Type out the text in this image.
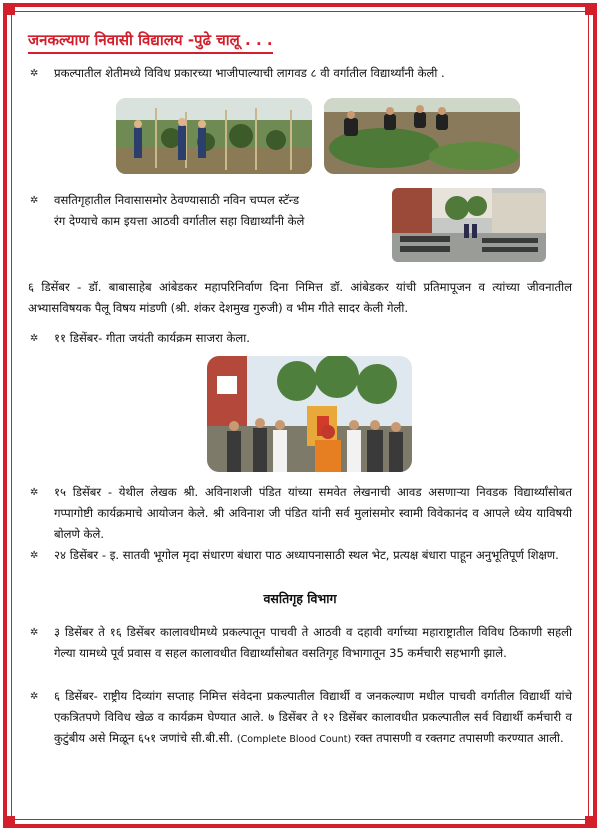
जनकल्याण निवासी विद्यालय -पुढे चालू . . .
✲	प्रकल्पातील शेतीमध्ये विविध प्रकारच्या भाजीपाल्याची लागवड ८ वी वर्गातील विद्यार्थ्यांनी केली .
✲	वसतिगृहातील निवासासमोर ठेवण्यासाठी नविन चप्पल स्टॅन्ड
रंग देण्याचे काम इयत्ता आठवी वर्गातील सहा विद्यार्थ्यांनी केले
६ डिसेंबर - डॉ. बाबासाहेब आंबेडकर महापरिनिर्वाण दिना निमित्त डॉ. आंबेडकर यांची प्रतिमापूजन व त्यांच्या जीवनातील अभ्यासविषयक पैलू विषय मांडणी (श्री. शंकर देशमुख गुरुजी) व भीम गीते सादर केली गेली.
✲	११ डिसेंबर- गीता जयंती कार्यक्रम साजरा केला.
✲	१५ डिसेंबर - येथील लेखक श्री. अविनाशजी पंडित यांच्या समवेत लेखनाची आवड असणाऱ्या निवडक विद्यार्थ्यांसोबत गप्पागोष्टी कार्यक्रमाचे आयोजन केले. श्री अविनाश जी पंडित यांनी सर्व मुलांसमोर स्वामी विवेकानंद व आपले ध्येय याविषयी बोलणे केले.
✲	२४ डिसेंबर - इ. सातवी भूगोल मृदा संधारण बंधारा पाठ अध्यापनासाठी स्थल भेट, प्रत्यक्ष बंधारा पाहून अनुभूतिपूर्ण शिक्षण.
वसतिगृह विभाग
✲	३ डिसेंबर ते १६ डिसेंबर कालावधीमध्ये प्रकल्पातून पाचवी ते आठवी व दहावी वर्गाच्या महाराष्ट्रातील विविध ठिकाणी सहली गेल्या यामध्ये पूर्व प्रवास व सहल कालावधीत विद्यार्थ्यांसोबत वसतिगृह विभागातून 35 कर्मचारी सहभागी झाले.
✲	६ डिसेंबर- राष्ट्रीय दिव्यांग सप्ताह निमित्त संवेदना प्रकल्पातील विद्यार्थी व जनकल्याण मधील पाचवी वर्गातील विद्यार्थी यांचे एकत्रितपणे विविध खेळ व कार्यक्रम घेण्यात आले. ७ डिसेंबर ते १२ डिसेंबर कालावधीत प्रकल्पातील सर्व विद्यार्थी कर्मचारी व कुटुंबीय असे मिळून ६५१ जणांचे सी.बी.सी. (Complete Blood Count) रक्त तपासणी व रक्तगट तपासणी करण्यात आली.
